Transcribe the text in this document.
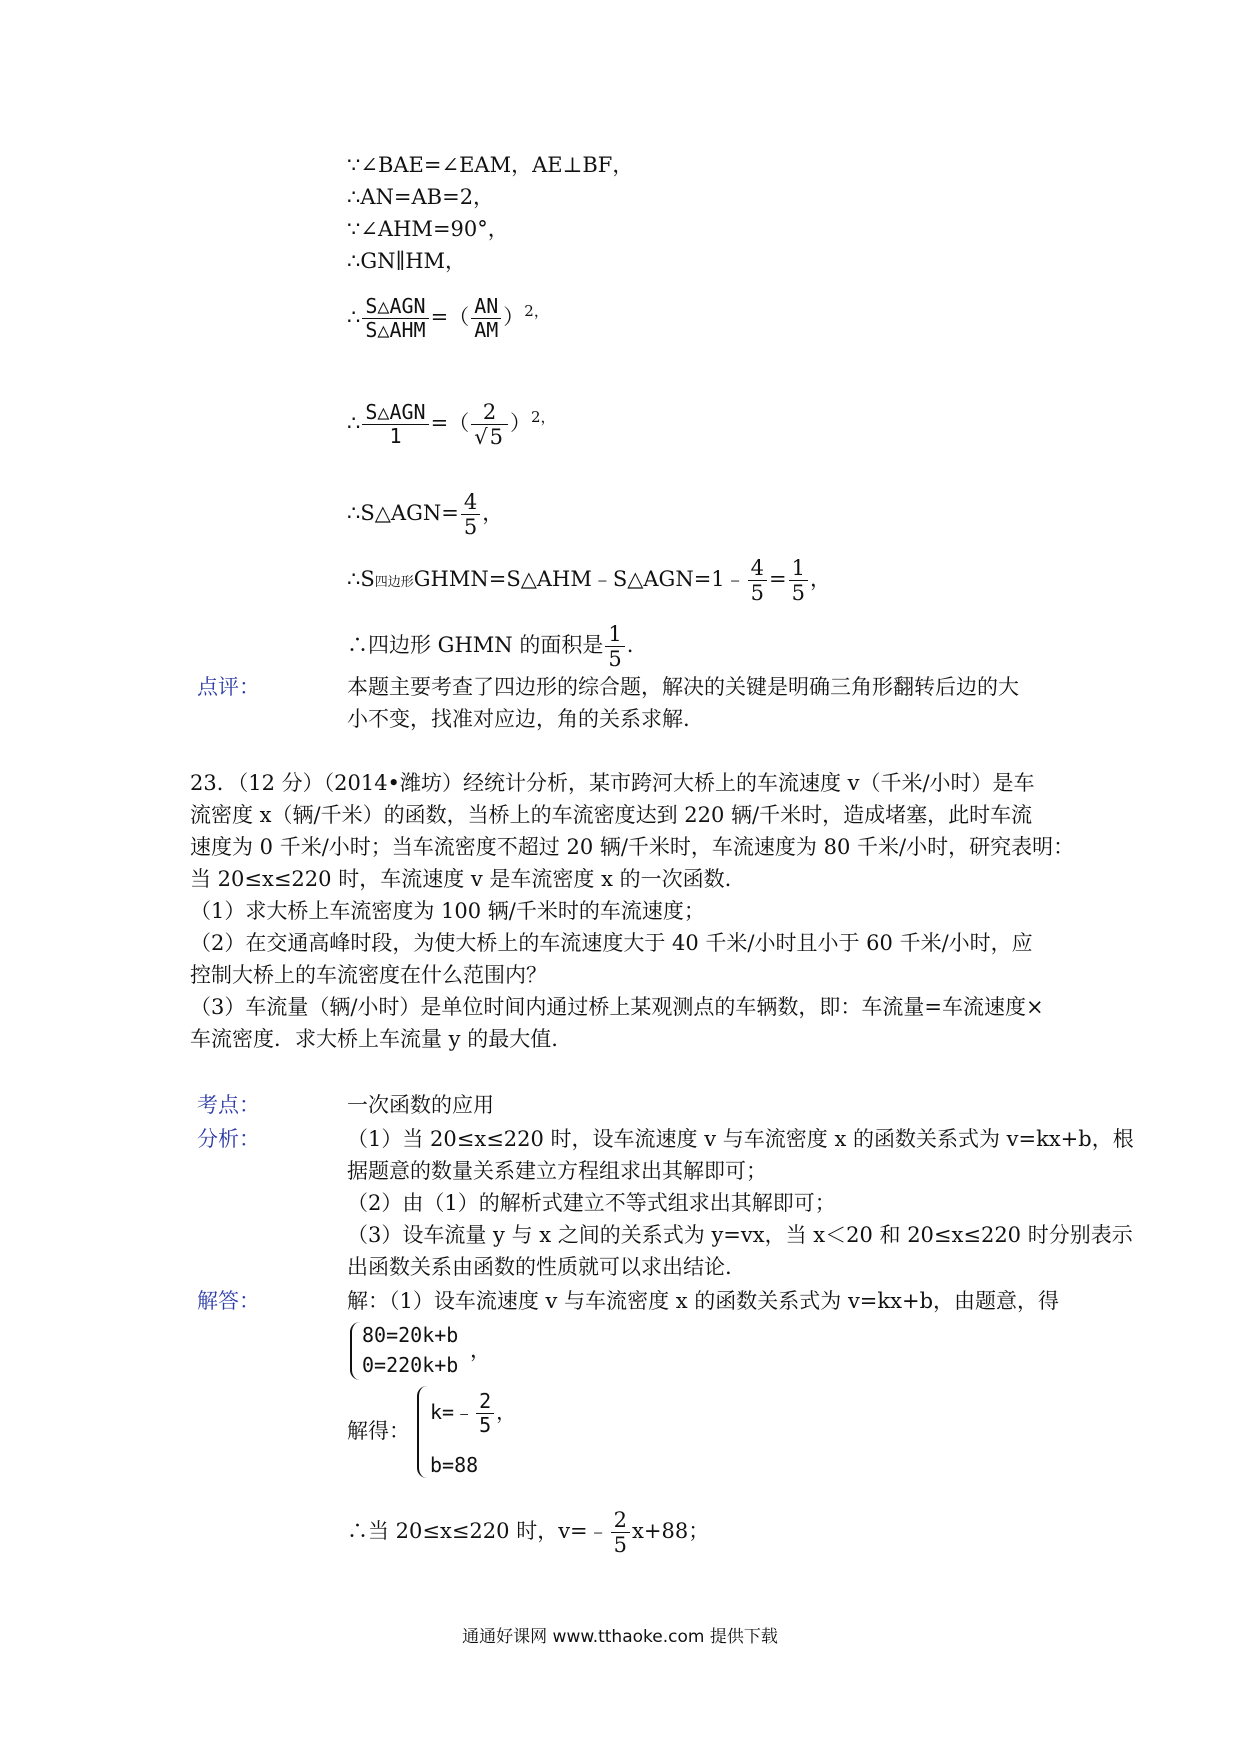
∵∠BAE=∠EAM，AE⊥BF，
∴AN=AB=2，
∵∠AHM=90°，
∴GN∥HM，
∴ $\frac{\text{S△AGN}}{\text{S△AHM}}$ =（ $\frac{AN}{AM} )^{2,}$
∴ $\frac{\text{S△AGN}}{1}$ =（ $\frac{2}{√5} )^{2,}$
∴S△AGN= $\frac{4}{5}$ ，
∴S四边形GHMN=S△AHM﹣S△AGN=1﹣ $\frac{4}{5} = \frac{1}{5}$ ，
∴四边形 GHMN 的面积是 $\frac{1}{5}$ .
点评：	本题主要考查了四边形的综合题，解决的关键是明确三角形翻转后边的大
小不变，找准对应边，角的关系求解.
23．（12 分）（2014•潍坊）经统计分析，某市跨河大桥上的车流速度 v（千米/小时）是车
流密度 x（辆/千米）的函数，当桥上的车流密度达到 220 辆/千米时，造成堵塞，此时车流
速度为 0 千米/小时；当车流密度不超过 20 辆/千米时，车流速度为 80 千米/小时，研究表明：
当 20≤x≤220 时，车流速度 v 是车流密度 x 的一次函数.
（1）求大桥上车流密度为 100 辆/千米时的车流速度；
（2）在交通高峰时段，为使大桥上的车流速度大于 40 千米/小时且小于 60 千米/小时，应
控制大桥上的车流密度在什么范围内？
（3）车流量（辆/小时）是单位时间内通过桥上某观测点的车辆数，即：车流量=车流速度×
车流密度．求大桥上车流量 y 的最大值.
考点：	一次函数的应用
分析：	（1）当 20≤x≤220 时，设车流速度 v 与车流密度 x 的函数关系式为 v=kx+b，根
据题意的数量关系建立方程组求出其解即可；
（2）由（1）的解析式建立不等式组求出其解即可；
（3）设车流量 y 与 x 之间的关系式为 y=vx，当 x＜20 和 20≤x≤220 时分别表示
出函数关系由函数的性质就可以求出结论.
解答：	解：（1）设车流速度 v 与车流密度 x 的函数关系式为 v=kx+b，由题意，得
80=20k+b
0=220k+b
，
解得：
k=﹣ $\frac{2}{5}$ ，
b=88
∴当 20≤x≤220 时，v=﹣ $\frac{2}{5} x+88$；
通通好课网 www.tthaoke.com 提供下载
